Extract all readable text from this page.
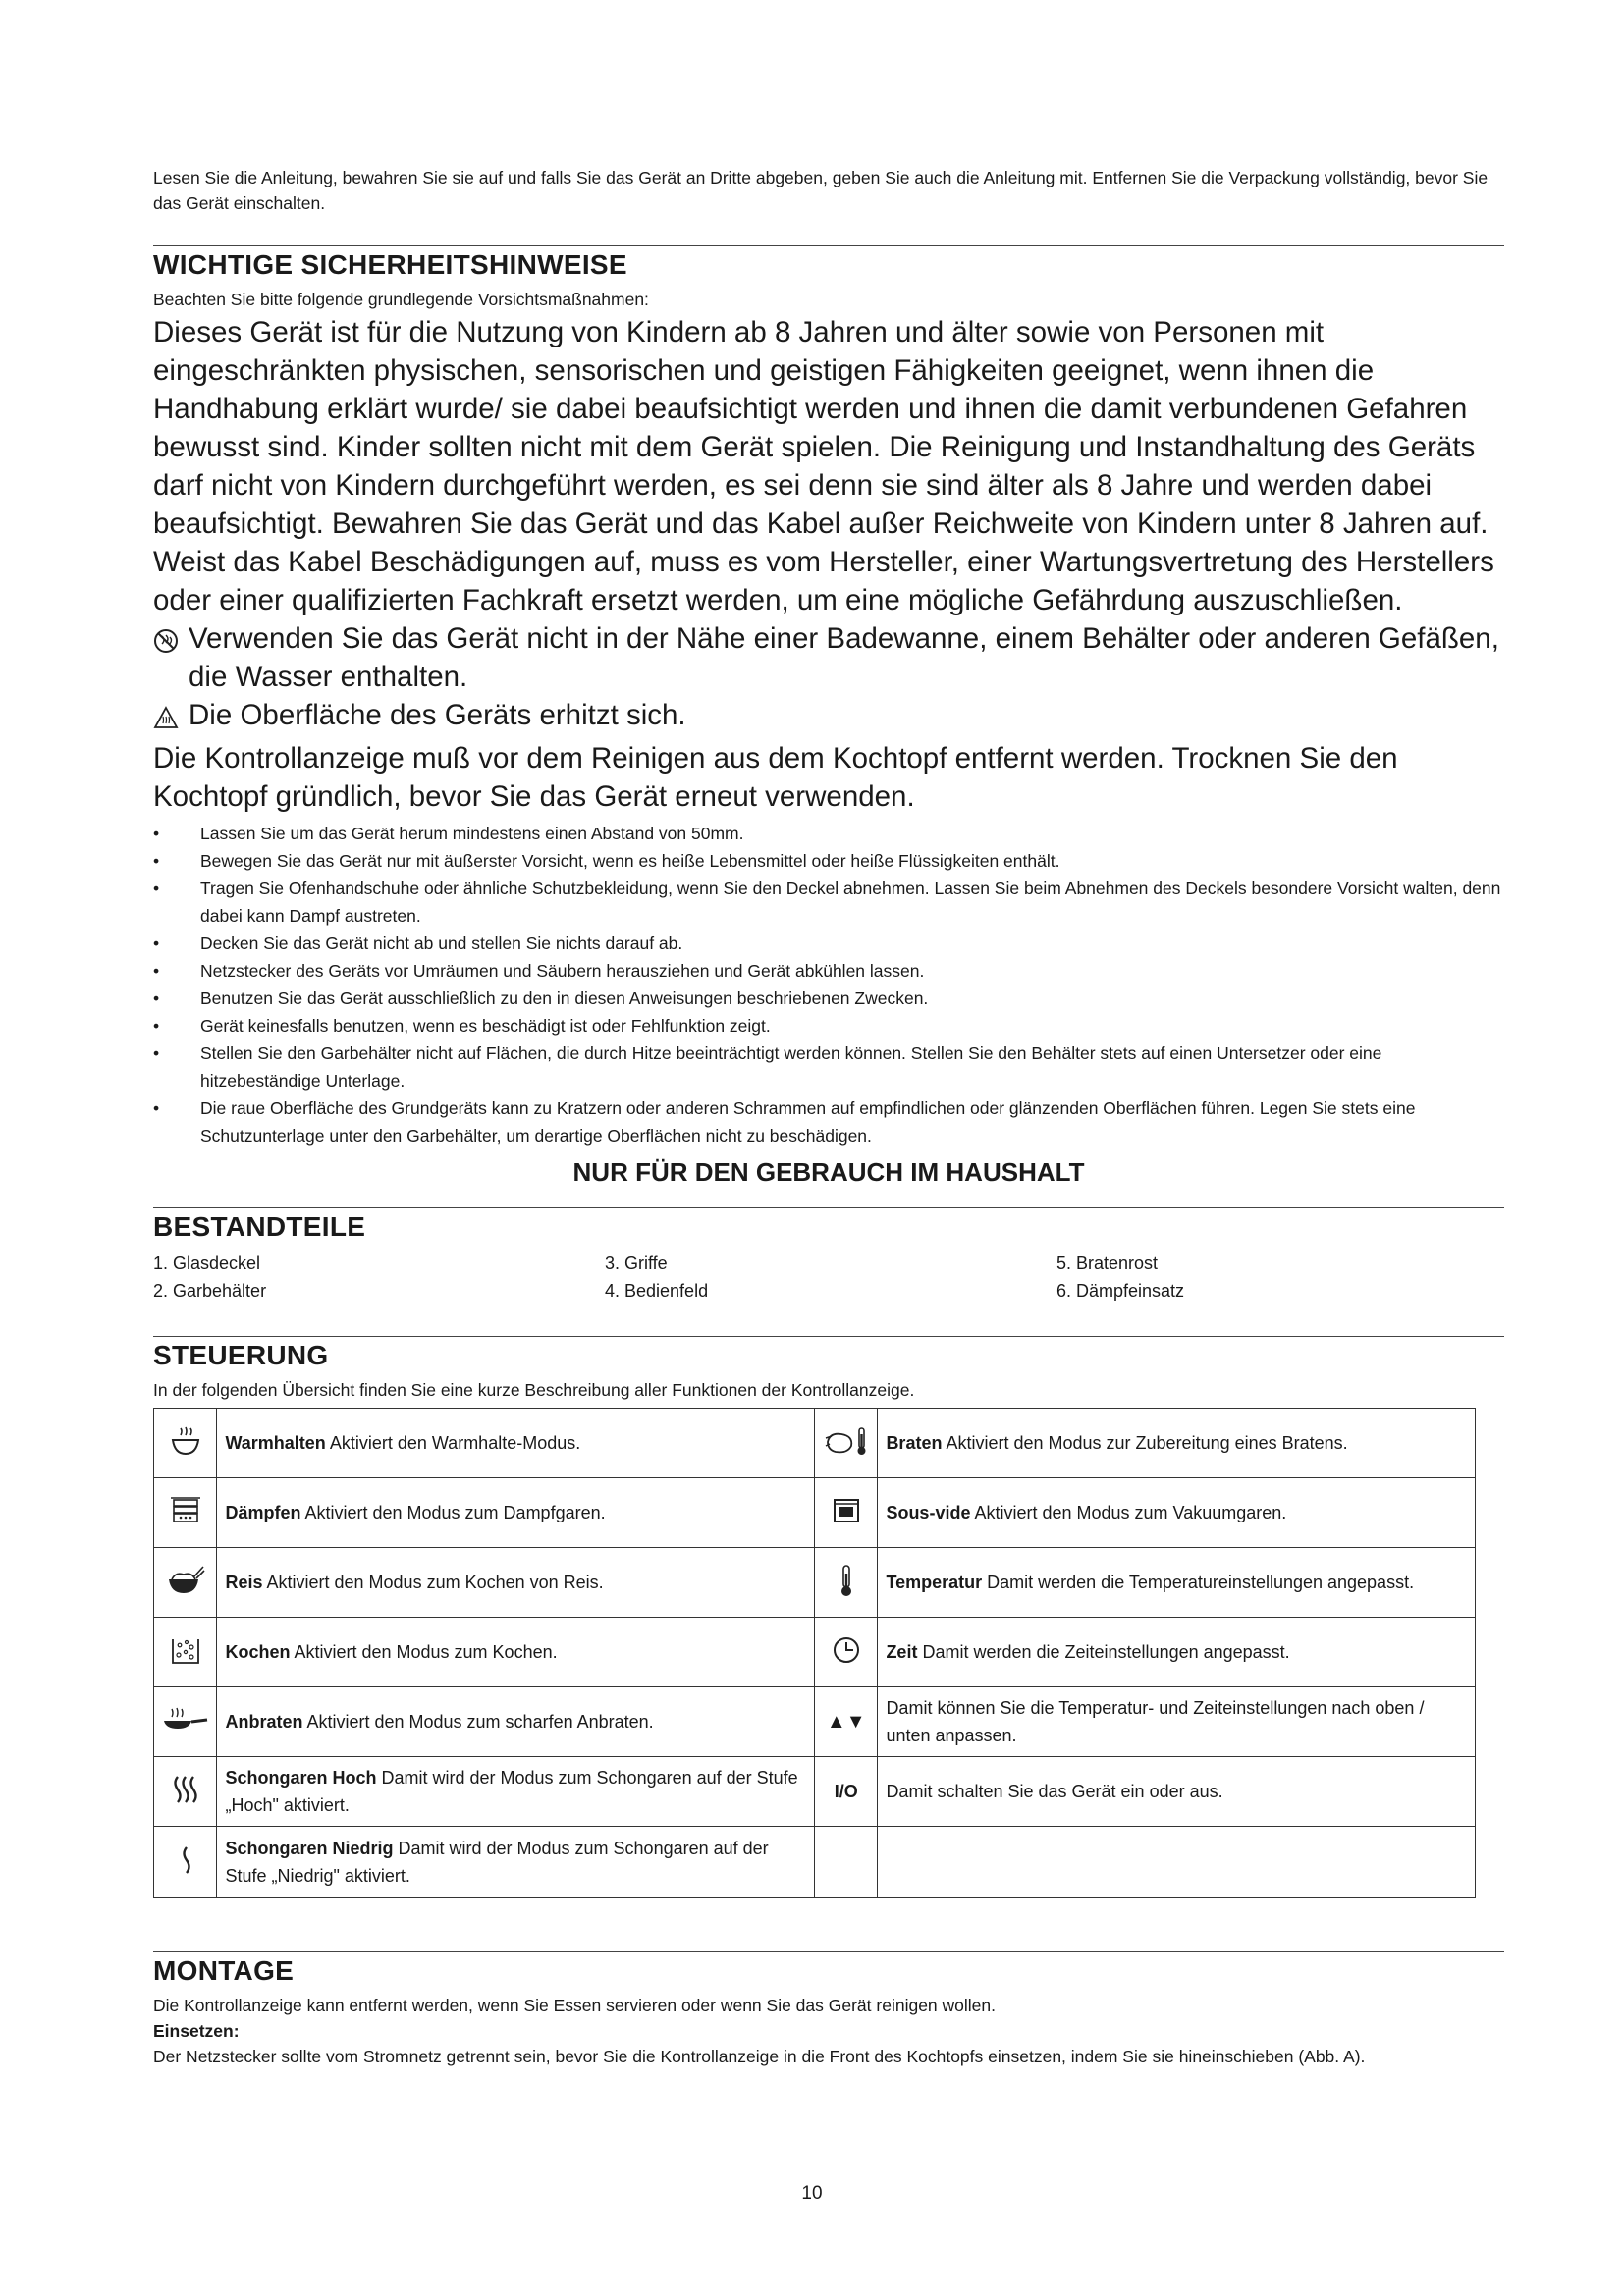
Lesen Sie die Anleitung, bewahren Sie sie auf und falls Sie das Gerät an Dritte abgeben, geben Sie auch die Anleitung mit. Entfernen Sie die Verpackung vollständig, bevor Sie das Gerät einschalten.

WICHTIGE SICHERHEITSHINWEISE

Beachten Sie bitte folgende grundlegende Vorsichtsmaßnahmen:

Dieses Gerät ist für die Nutzung von Kindern ab 8 Jahren und älter sowie von Personen mit eingeschränkten physischen, sensorischen und geistigen Fähigkeiten geeignet, wenn ihnen die Handhabung erklärt wurde/ sie dabei beaufsichtigt werden und ihnen die damit verbundenen Gefahren bewusst sind. Kinder sollten nicht mit dem Gerät spielen. Die Reinigung und Instandhaltung des Geräts darf nicht von Kindern durchgeführt werden, es sei denn sie sind älter als 8 Jahre und werden dabei beaufsichtigt. Bewahren Sie das Gerät und das Kabel außer Reichweite von Kindern unter 8 Jahren auf.

Weist das Kabel Beschädigungen auf, muss es vom Hersteller, einer Wartungsvertretung des Herstellers oder einer qualifizierten Fachkraft ersetzt werden, um eine mögliche Gefährdung auszuschließen.

Verwenden Sie das Gerät nicht in der Nähe einer Badewanne, einem Behälter oder anderen Gefäßen, die Wasser enthalten.
Die Oberfläche des Geräts erhitzt sich.

Die Kontrollanzeige muß vor dem Reinigen aus dem Kochtopf entfernt werden. Trocknen Sie den Kochtopf gründlich, bevor Sie das Gerät erneut verwenden.

• Lassen Sie um das Gerät herum mindestens einen Abstand von 50mm.
• Bewegen Sie das Gerät nur mit äußerster Vorsicht, wenn es heiße Lebensmittel oder heiße Flüssigkeiten enthält.
• Tragen Sie Ofenhandschuhe oder ähnliche Schutzbekleidung, wenn Sie den Deckel abnehmen. Lassen Sie beim Abnehmen des Deckels besondere Vorsicht walten, denn dabei kann Dampf austreten.
• Decken Sie das Gerät nicht ab und stellen Sie nichts darauf ab.
• Netzstecker des Geräts vor Umräumen und Säubern herausziehen und Gerät abkühlen lassen.
• Benutzen Sie das Gerät ausschließlich zu den in diesen Anweisungen beschriebenen Zwecken.
• Gerät keinesfalls benutzen, wenn es beschädigt ist oder Fehlfunktion zeigt.
• Stellen Sie den Garbehälter nicht auf Flächen, die durch Hitze beeinträchtigt werden können. Stellen Sie den Behälter stets auf einen Untersetzer oder eine hitzebeständige Unterlage.
• Die raue Oberfläche des Grundgeräts kann zu Kratzern oder anderen Schrammen auf empfindlichen oder glänzenden Oberflächen führen. Legen Sie stets eine Schutzunterlage unter den Garbehälter, um derartige Oberflächen nicht zu beschädigen.
NUR FÜR DEN GEBRAUCH IM HAUSHALT
BESTANDTEILE
1. Glasdeckel	3. Griffe	5. Bratenrost
2. Garbehälter	4. Bedienfeld	6. Dämpfeinsatz
STEUERUNG

In der folgenden Übersicht finden Sie eine kurze Beschreibung aller Funktionen der Kontrollanzeige.

	Warmhalten Aktiviert den Warmhalte-Modus.		Braten Aktiviert den Modus zur Zubereitung eines Bratens.
	Dämpfen Aktiviert den Modus zum Dampfgaren.		Sous-vide Aktiviert den Modus zum Vakuumgaren.
	Reis Aktiviert den Modus zum Kochen von Reis.		Temperatur Damit werden die Temperatureinstellungen angepasst.
	Kochen Aktiviert den Modus zum Kochen.		Zeit Damit werden die Zeiteinstellungen angepasst.
	Anbraten Aktiviert den Modus zum scharfen Anbraten.	▲▼	Damit können Sie die Temperatur- und Zeiteinstellungen nach oben / unten anpassen.
	Schongaren Hoch Damit wird der Modus zum Schongaren auf der Stufe „Hoch" aktiviert.	I/O	Damit schalten Sie das Gerät ein oder aus.
	Schongaren Niedrig Damit wird der Modus zum Schongaren auf der Stufe „Niedrig" aktiviert.		
MONTAGE

Die Kontrollanzeige kann entfernt werden, wenn Sie Essen servieren oder wenn Sie das Gerät reinigen wollen.

Einsetzen:

Der Netzstecker sollte vom Stromnetz getrennt sein, bevor Sie die Kontrollanzeige in die Front des Kochtopfs einsetzen, indem Sie sie hineinschieben (Abb. A).

10
